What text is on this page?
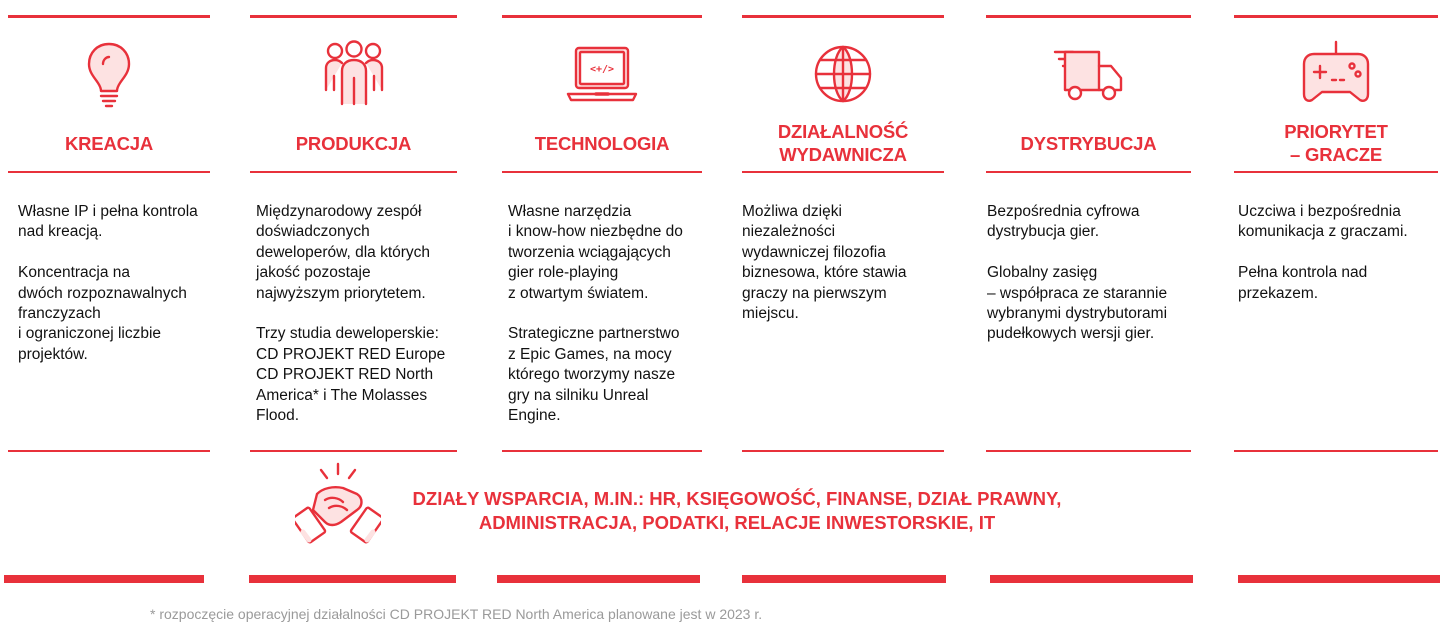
KREACJA

Własne IP i pełna kontrola
nad kreacją.

Koncentracja na
dwóch rozpoznawalnych
franczyzach
i ograniczonej liczbie
projektów.

PRODUKCJA

Międzynarodowy zespół
doświadczonych
deweloperów, dla których
jakość pozostaje
najwyższym priorytetem.

Trzy studia deweloperskie:
CD PROJEKT RED Europe
CD PROJEKT RED North
America* i The Molasses
Flood.

<+/>
TECHNOLOGIA

Własne narzędzia
i know-how niezbędne do
tworzenia wciągających
gier role-playing
z otwartym światem.

Strategiczne partnerstwo
z Epic Games, na mocy
którego tworzymy nasze
gry na silniku Unreal
Engine.

DZIAŁALNOŚĆ
WYDAWNICZA

Możliwa dzięki
niezależności
wydawniczej filozofia
biznesowa, które stawia
graczy na pierwszym
miejscu.

DYSTRYBUCJA

Bezpośrednia cyfrowa
dystrybucja gier.

Globalny zasięg
– współpraca ze starannie
wybranymi dystrybutorami
pudełkowych wersji gier.

PRIORYTET
– GRACZE

Uczciwa i bezpośrednia
komunikacja z graczami.

Pełna kontrola nad
przekazem.

DZIAŁY WSPARCIA, M.IN.: HR, KSIĘGOWOŚĆ, FINANSE, DZIAŁ PRAWNY,
ADMINISTRACJA, PODATKI, RELACJE INWESTORSKIE, IT
* rozpoczęcie operacyjnej działalności CD PROJEKT RED North America planowane jest w 2023 r.
